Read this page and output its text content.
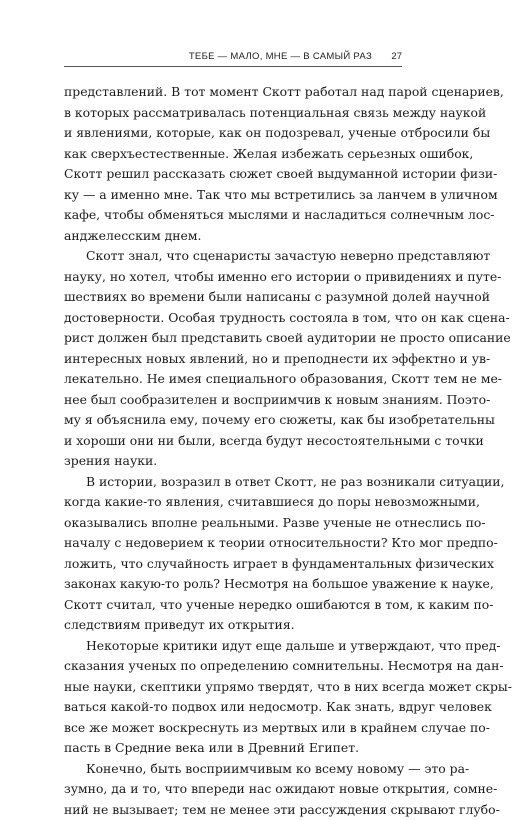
ТЕБЕ — МАЛО, МНЕ — В САМЫЙ РАЗ 27
представлений. В тот момент Скотт работал над парой сценариев,
в которых рассматривалась потенциальная связь между наукой
и явлениями, которые, как он подозревал, ученые отбросили бы
как сверхъестественные. Желая избежать серьезных ошибок,
Скотт решил рассказать сюжет своей выдуманной истории физи-
ку — а именно мне. Так что мы встретились за ланчем в уличном
кафе, чтобы обменяться мыслями и насладиться солнечным лос-
анджелесским днем.
Скотт знал, что сценаристы зачастую неверно представляют
науку, но хотел, чтобы именно его истории о привидениях и путе-
шествиях во времени были написаны с разумной долей научной
достоверности. Особая трудность состояла в том, что он как сцена-
рист должен был представить своей аудитории не просто описание
интересных новых явлений, но и преподнести их эффектно и ув-
лекательно. Не имея специального образования, Скотт тем не ме-
нее был сообразителен и восприимчив к новым знаниям. Поэто-
му я объяснила ему, почему его сюжеты, как бы изобретательны
и хороши они ни были, всегда будут несостоятельными с точки
зрения науки.
В истории, возразил в ответ Скотт, не раз возникали ситуации,
когда какие-то явления, считавшиеся до поры невозможными,
оказывались вполне реальными. Разве ученые не отнеслись по-
началу с недоверием к теории относительности? Кто мог предпо-
ложить, что случайность играет в фундаментальных физических
законах какую-то роль? Несмотря на большое уважение к науке,
Скотт считал, что ученые нередко ошибаются в том, к каким по-
следствиям приведут их открытия.
Некоторые критики идут еще дальше и утверждают, что пред-
сказания ученых по определению сомнительны. Несмотря на дан-
ные науки, скептики упрямо твердят, что в них всегда может скры-
ваться какой-то подвох или недосмотр. Как знать, вдруг человек
все же может воскреснуть из мертвых или в крайнем случае по-
пасть в Средние века или в Древний Египет.
Конечно, быть восприимчивым ко всему новому — это ра-
зумно, да и то, что впереди нас ожидают новые открытия, сомне-
ний не вызывает; тем не менее эти рассуждения скрывают глубо-
